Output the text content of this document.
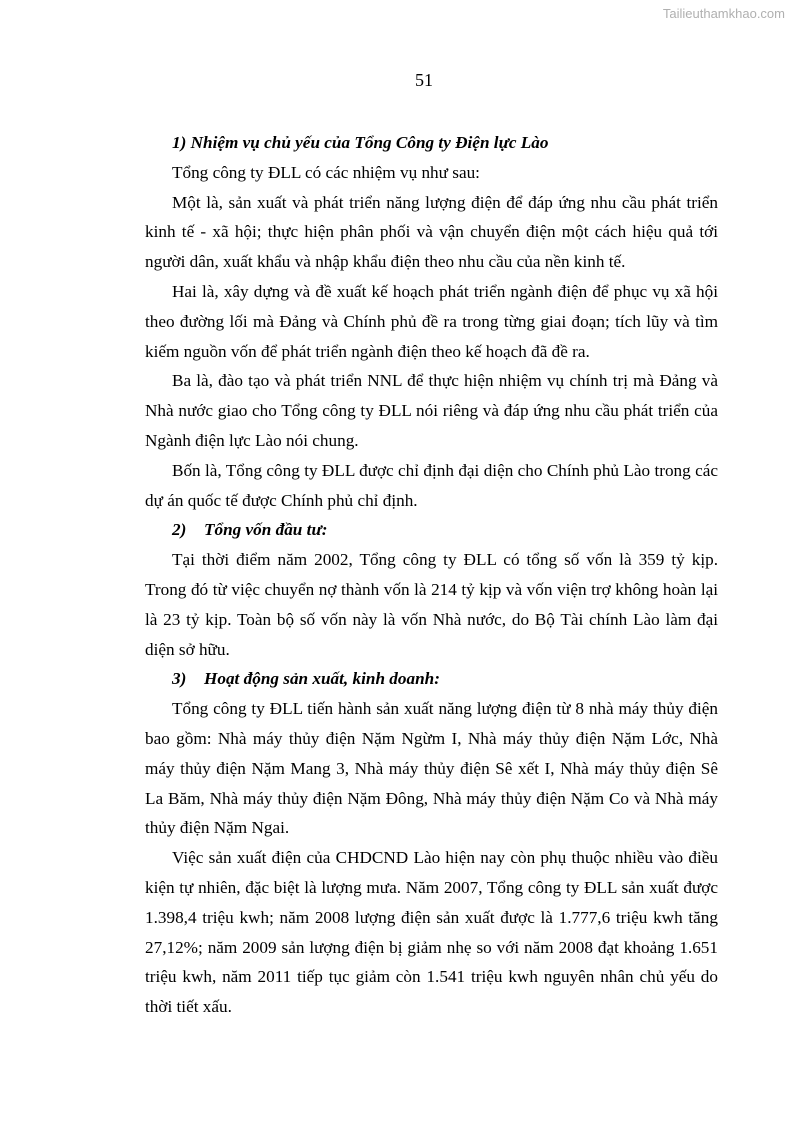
Tailieuthamkhao.com
51
1) Nhiệm vụ chủ yếu của Tổng Công ty Điện lực Lào

Tổng công ty ĐLL có các nhiệm vụ như sau:

Một là, sản xuất và phát triển năng lượng điện để đáp ứng nhu cầu phát triển kinh tế - xã hội; thực hiện phân phối và vận chuyển điện một cách hiệu quả tới người dân, xuất khẩu và nhập khẩu điện theo nhu cầu của nền kinh tế.

Hai là, xây dựng và đề xuất kế hoạch phát triển ngành điện để phục vụ xã hội theo đường lối mà Đảng và Chính phủ đề ra trong từng giai đoạn; tích lũy và tìm kiếm nguồn vốn để phát triển ngành điện theo kế hoạch đã đề ra.

Ba là, đào tạo và phát triển NNL để thực hiện nhiệm vụ chính trị mà Đảng và Nhà nước giao cho Tổng công ty ĐLL nói riêng và đáp ứng nhu cầu phát triển của Ngành điện lực Lào nói chung.

Bốn là, Tổng công ty ĐLL được chỉ định đại diện cho Chính phủ Lào trong các dự án quốc tế được Chính phủ chỉ định.

2) Tổng vốn đầu tư:

Tại thời điểm năm 2002, Tổng công ty ĐLL có tổng số vốn là 359 tỷ kịp. Trong đó từ việc chuyển nợ thành vốn là 214 tỷ kịp và vốn viện trợ không hoàn lại là 23 tỷ kịp. Toàn bộ số vốn này là vốn Nhà nước, do Bộ Tài chính Lào làm đại diện sở hữu.

3) Hoạt động sản xuất, kinh doanh:

Tổng công ty ĐLL tiến hành sản xuất năng lượng điện từ 8 nhà máy thủy điện bao gồm: Nhà máy thủy điện Nặm Ngừm I, Nhà máy thủy điện Nặm Lớc, Nhà máy thủy điện Nặm Mang 3, Nhà máy thủy điện Sê xết I, Nhà máy thủy điện Sê La Băm, Nhà máy thủy điện Nặm Đông, Nhà máy thủy điện Nặm Co và Nhà máy thủy điện Nặm Ngai.

Việc sản xuất điện của CHDCND Lào hiện nay còn phụ thuộc nhiều vào điều kiện tự nhiên, đặc biệt là lượng mưa. Năm 2007, Tổng công ty ĐLL sản xuất được 1.398,4 triệu kwh; năm 2008 lượng điện sản xuất được là 1.777,6 triệu kwh tăng 27,12%; năm 2009 sản lượng điện bị giảm nhẹ so với năm 2008 đạt khoảng 1.651 triệu kwh, năm 2011 tiếp tục giảm còn 1.541 triệu kwh nguyên nhân chủ yếu do thời tiết xấu.
